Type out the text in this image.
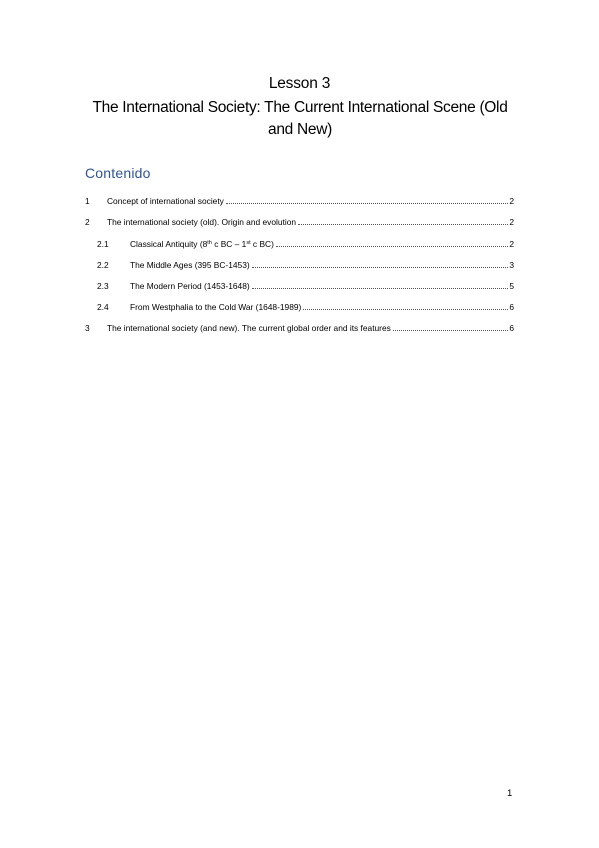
Lesson 3
The International Society: The Current International Scene (Old and New)
Contenido
1	Concept of international society	2
2	The international society (old). Origin and evolution	2
2.1	Classical Antiquity (8th c BC – 1st c BC)	2
2.2	The Middle Ages (395 BC-1453)	3
2.3	The Modern Period (1453-1648)	5
2.4	From Westphalia to the Cold War (1648-1989)	6
3	The international society (and new). The current global order and its features	6
1
